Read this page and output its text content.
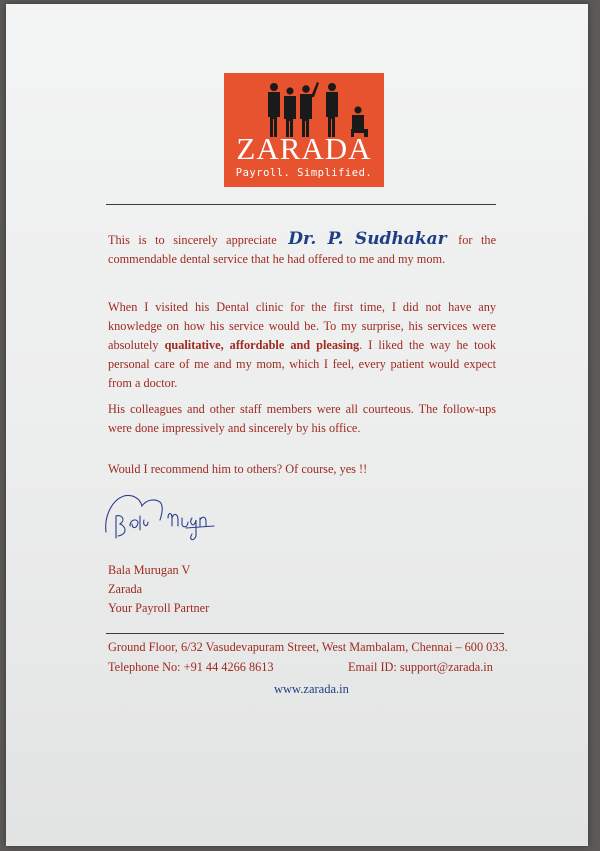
ZARADA
Payroll. Simplified.

This is to sincerely appreciate Dr. P. Sudhakar for the commendable dental service that he had offered to me and my mom.

When I visited his Dental clinic for the first time, I did not have any knowledge on how his service would be. To my surprise, his services were absolutely qualitative, affordable and pleasing. I liked the way he took personal care of me and my mom, which I feel, every patient would expect from a doctor.

His colleagues and other staff members were all courteous. The follow-ups were done impressively and sincerely by his office.

Would I recommend him to others? Of course, yes !!

Bala Murugan V
Zarada
Your Payroll Partner
Ground Floor, 6/32 Vasudevapuram Street, West Mambalam, Chennai – 600 033.
Telephone No: +91 44 4266 8613	Email ID: support@zarada.in
www.zarada.in
